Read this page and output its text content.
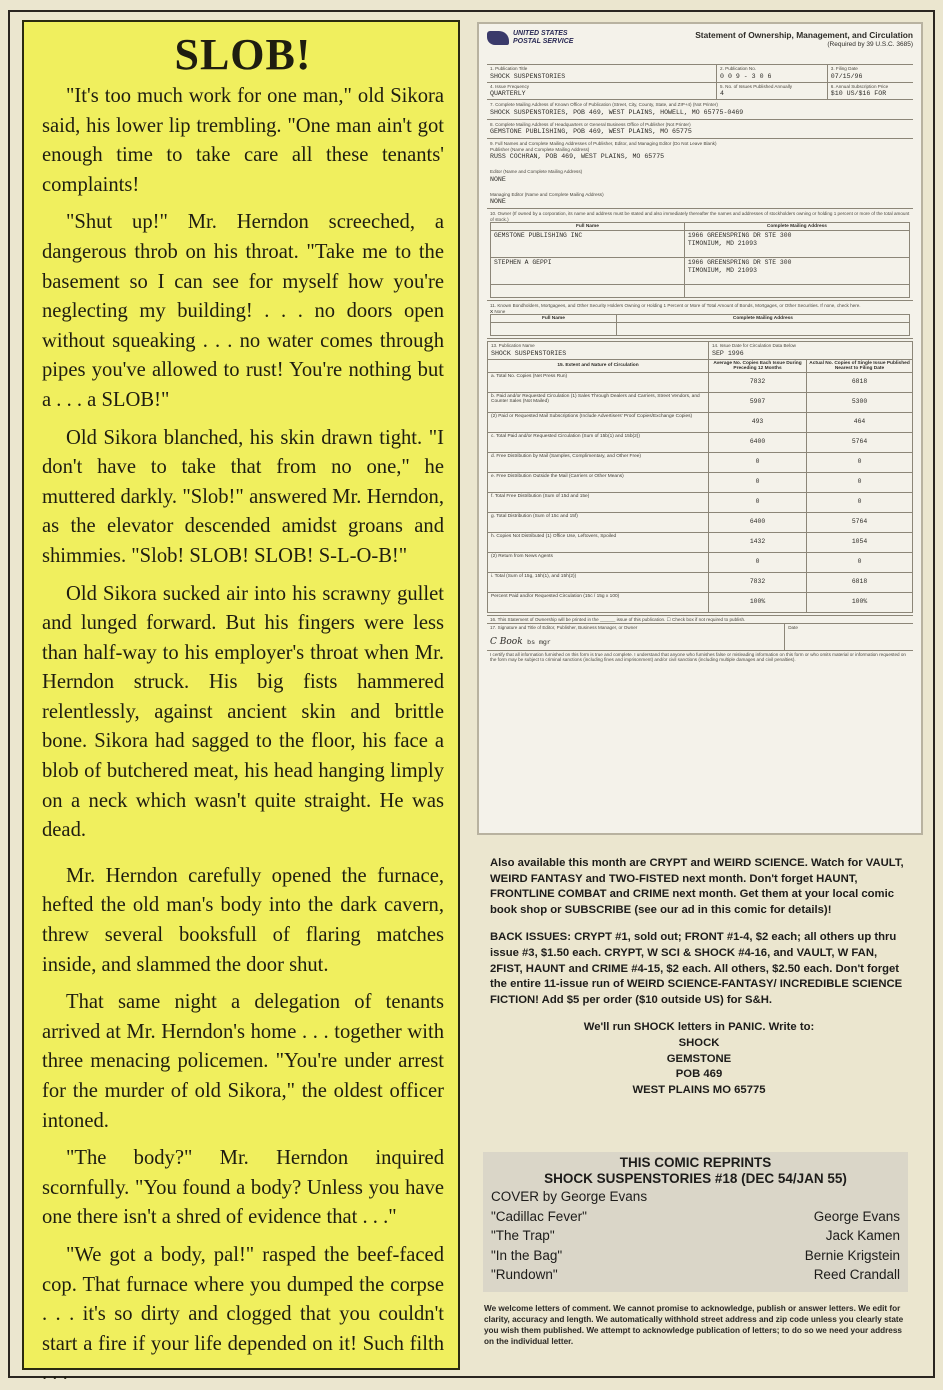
SLOB!

"It's too much work for one man," old Sikora said, his lower lip trembling. "One man ain't got enough time to take care all these tenants' complaints!

"Shut up!" Mr. Herndon screeched, a dangerous throb on his throat. "Take me to the basement so I can see for myself how you're neglecting my building! . . . no doors open without squeaking . . . no water comes through pipes you've allowed to rust! You're nothing but a . . . a SLOB!"

Old Sikora blanched, his skin drawn tight. "I don't have to take that from no one," he muttered darkly. "Slob!" answered Mr. Herndon, as the elevator descended amidst groans and shimmies. "Slob! SLOB! SLOB! S-L-O-B!"

Old Sikora sucked air into his scrawny gullet and lunged forward. But his fingers were less than half-way to his employer's throat when Mr. Herndon struck. His big fists hammered relentlessly, against ancient skin and brittle bone. Sikora had sagged to the floor, his face a blob of butchered meat, his head hanging limply on a neck which wasn't quite straight. He was dead.

Mr. Herndon carefully opened the furnace, hefted the old man's body into the dark cavern, threw several booksfull of flaring matches inside, and slammed the door shut.

That same night a delegation of tenants arrived at Mr. Herndon's home . . . together with three menacing policemen. "You're under arrest for the murder of old Sikora," the oldest officer intoned.

"The body?" Mr. Herndon inquired scornfully. "You found a body? Unless you have one there isn't a shred of evidence that . . ."

"We got a body, pal!" rasped the beef-faced cop. That furnace where you dumped the corpse . . . it's so dirty and clogged that you couldn't start a fire if your life depended on it! Such filth . . .

UNITED STATES
POSTAL SERVICE
Statement of Ownership, Management, and Circulation
(Required by 39 U.S.C. 3685)
1. Publication Title
SHOCK SUSPENSTORIES
2. Publication No.
0 0 9 - 3 0 6
3. Filing Date
07/15/96
4. Issue Frequency
QUARTERLY
5. No. of Issues Published Annually
4
6. Annual Subscription Price
$10 US/$16 FOR
7. Complete Mailing Address of Known Office of Publication (Street, City, County, State, and ZIP+4) (Not Printer)
SHOCK SUSPENSTORIES, POB 469, WEST PLAINS, HOWELL, MO 65775-0469
8. Complete Mailing Address of Headquarters or General Business Office of Publisher (Not Printer)
GEMSTONE PUBLISHING, POB 469, WEST PLAINS, MO 65775
9. Full Names and Complete Mailing Addresses of Publisher, Editor, and Managing Editor (Do Not Leave Blank)
Publisher (Name and Complete Mailing Address)
RUSS COCHRAN, POB 469, WEST PLAINS, MO 65775
Editor (Name and Complete Mailing Address)
NONE
Managing Editor (Name and Complete Mailing Address)
NONE
10. Owner (If owned by a corporation, its name and address must be stated and also immediately thereafter the names and addresses of stockholders owning or holding 1 percent or more of the total amount of stock.)
Full Name	Complete Mailing Address
GEMSTONE PUBLISHING INC	1966 GREENSPRING DR STE 300
TIMONIUM, MD 21093
STEPHEN A GEPPI	1966 GREENSPRING DR STE 300
TIMONIUM, MD 21093

11. Known Bondholders, Mortgagees, and Other Security Holders Owning or Holding 1 Percent or More of Total Amount of Bonds, Mortgages, or Other Securities. If none, check here.
X None
Full Name	Complete Mailing Address

13. Publication Name
SHOCK SUSPENSTORIES	14. Issue Date for Circulation Data Below
SEP 1996	

15. Extent and Nature of Circulation	Average No. Copies Each Issue During Preceding 12 Months	Actual No. Copies of Single Issue Published Nearest to Filing Date
a. Total No. Copies (Net Press Run)	7832	6818
b. Paid and/or Requested Circulation (1) Sales Through Dealers and Carriers, Street Vendors, and Counter Sales (Not Mailed)	5907	5300
(2) Paid or Requested Mail Subscriptions (Include Advertisers' Proof Copies/Exchange Copies)	493	464
c. Total Paid and/or Requested Circulation (Sum of 15b(1) and 15b(2))	6400	5764
d. Free Distribution by Mail (Samples, Complimentary, and Other Free)	0	0
e. Free Distribution Outside the Mail (Carriers or Other Means)	0	0
f. Total Free Distribution (Sum of 15d and 15e)	0	0
g. Total Distribution (Sum of 15c and 15f)	6400	5764
h. Copies Not Distributed (1) Office Use, Leftovers, Spoiled	1432	1054
(2) Return from News Agents	0	0
i. Total (Sum of 15g, 15h(1), and 15h(2))	7832	6818
Percent Paid and/or Requested Circulation (15c / 15g x 100)	100%	100%
16. This Statement of Ownership will be printed in the ______ issue of this publication. ☐ Check box if not required to publish.
17. Signature and Title of Editor, Publisher, Business Manager, or Owner
C Book bs mgr
Date
I certify that all information furnished on this form is true and complete. I understand that anyone who furnishes false or misleading information on this form or who omits material or information requested on the form may be subject to criminal sanctions (including fines and imprisonment) and/or civil sanctions (including multiple damages and civil penalties).

Also available this month are CRYPT and WEIRD SCIENCE. Watch for VAULT, WEIRD FANTASY and TWO-FISTED next month. Don't forget HAUNT, FRONTLINE COMBAT and CRIME next month. Get them at your local comic book shop or SUBSCRIBE (see our ad in this comic for details)!

BACK ISSUES: CRYPT #1, sold out; FRONT #1-4, $2 each; all others up thru issue #3, $1.50 each. CRYPT, W SCI & SHOCK #4-16, and VAULT, W FAN, 2FIST, HAUNT and CRIME #4-15, $2 each. All others, $2.50 each. Don't forget the entire 11-issue run of WEIRD SCIENCE-FANTASY/ INCREDIBLE SCIENCE FICTION! Add $5 per order ($10 outside US) for S&H.

We'll run SHOCK letters in PANIC. Write to:
SHOCK
GEMSTONE
POB 469
WEST PLAINS MO 65775
THIS COMIC REPRINTS
SHOCK SUSPENSTORIES #18 (DEC 54/JAN 55)
COVER by George Evans
"Cadillac Fever"	George Evans
"The Trap"	Jack Kamen
"In the Bag"	Bernie Krigstein
"Rundown"	Reed Crandall
We welcome letters of comment. We cannot promise to acknowledge, publish or answer letters. We edit for clarity, accuracy and length. We automatically withhold street address and zip code unless you clearly state you wish them published. We attempt to acknowledge publication of letters; to do so we need your address on the individual letter.
